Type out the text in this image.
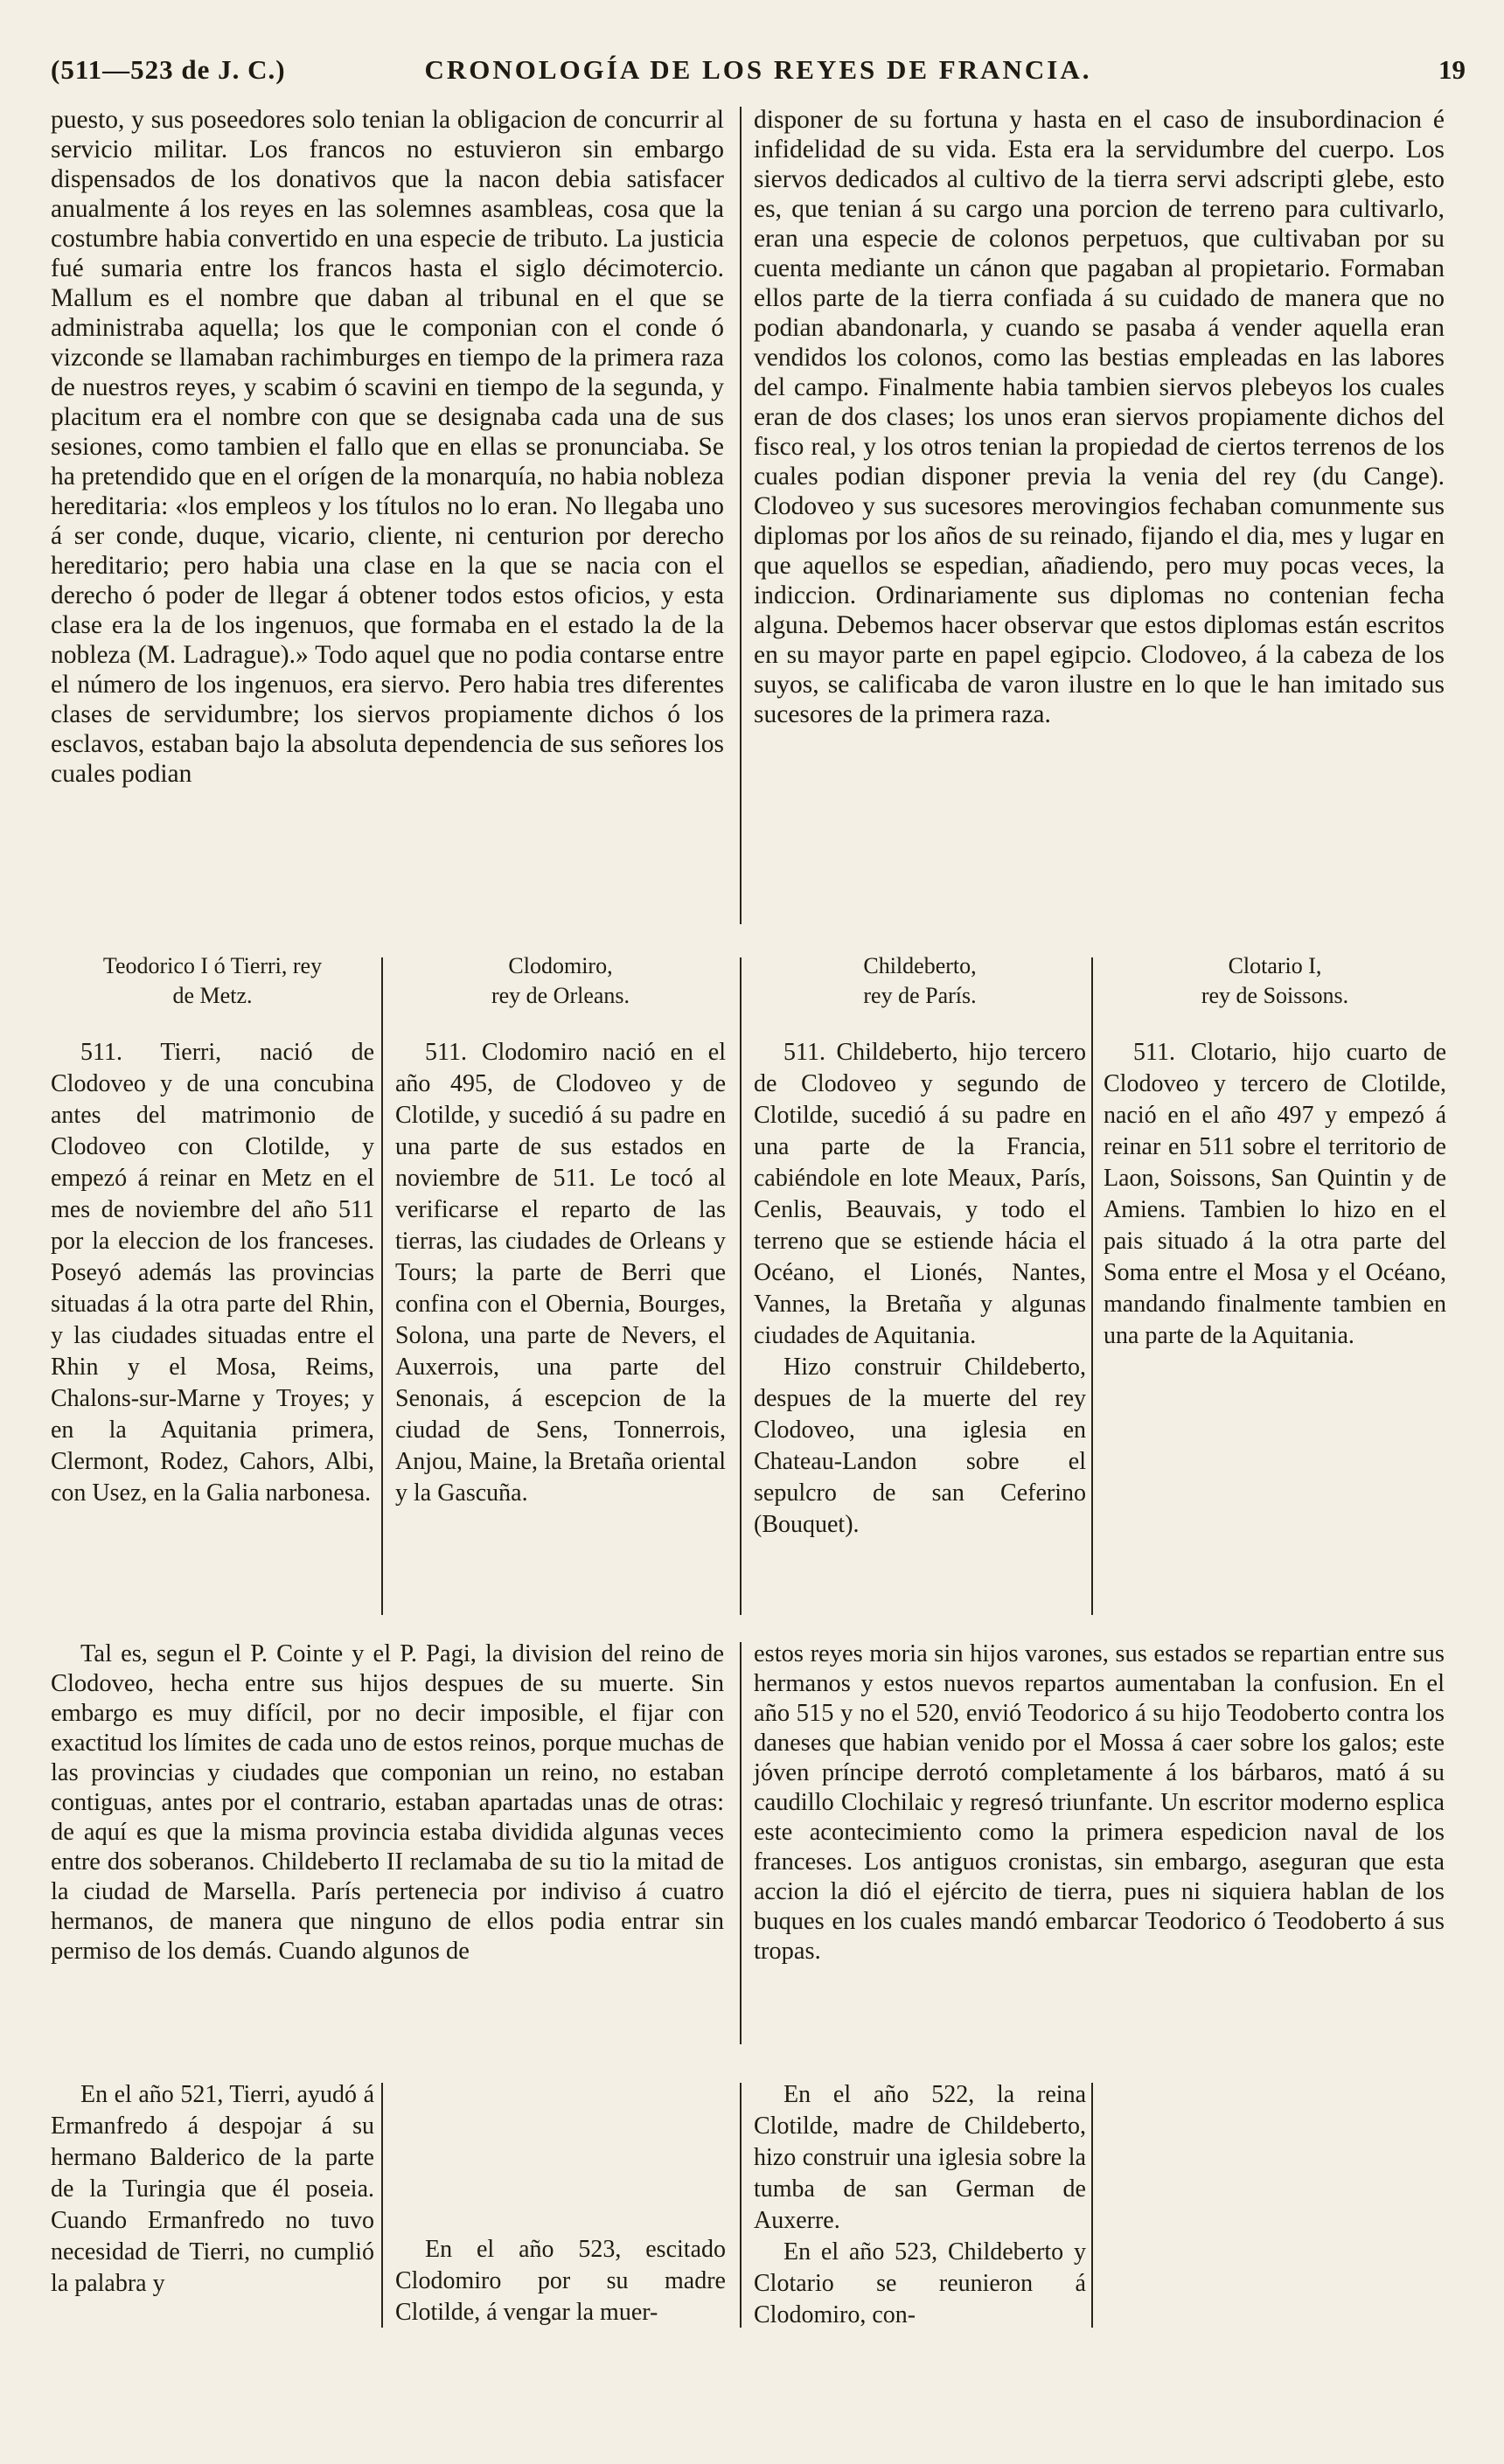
(511—523 de J. C.)	CRONOLOGÍA DE LOS REYES DE FRANCIA.	19

puesto, y sus poseedores solo tenian la obligacion de concurrir al servicio militar. Los francos no estuvieron sin embargo dispensados de los donativos que la nacon debia satisfacer anualmente á los reyes en las solemnes asambleas, cosa que la costumbre habia convertido en una especie de tributo. La justicia fué sumaria entre los francos hasta el siglo décimotercio. Mallum es el nombre que daban al tribunal en el que se administraba aquella; los que le componian con el conde ó vizconde se llamaban rachimburges en tiempo de la primera raza de nuestros reyes, y scabim ó scavini en tiempo de la segunda, y placitum era el nombre con que se designaba cada una de sus sesiones, como tambien el fallo que en ellas se pronunciaba. Se ha pretendido que en el orígen de la monarquía, no habia nobleza hereditaria: «los empleos y los títulos no lo eran. No llegaba uno á ser conde, duque, vicario, cliente, ni centurion por derecho hereditario; pero habia una clase en la que se nacia con el derecho ó poder de llegar á obtener todos estos oficios, y esta clase era la de los ingenuos, que formaba en el estado la de la nobleza (M. Ladrague).» Todo aquel que no podia contarse entre el número de los ingenuos, era siervo. Pero habia tres diferentes clases de servidumbre; los siervos propiamente dichos ó los esclavos, estaban bajo la absoluta dependencia de sus señores los cuales podian

disponer de su fortuna y hasta en el caso de insubordinacion é infidelidad de su vida. Esta era la servidumbre del cuerpo. Los siervos dedicados al cultivo de la tierra servi adscripti glebe, esto es, que tenian á su cargo una porcion de terreno para cultivarlo, eran una especie de colonos perpetuos, que cultivaban por su cuenta mediante un cánon que pagaban al propietario. Formaban ellos parte de la tierra confiada á su cuidado de manera que no podian abandonarla, y cuando se pasaba á vender aquella eran vendidos los colonos, como las bestias empleadas en las labores del campo. Finalmente habia tambien siervos plebeyos los cuales eran de dos clases; los unos eran siervos propiamente dichos del fisco real, y los otros tenian la propiedad de ciertos terrenos de los cuales podian disponer previa la venia del rey (du Cange). Clodoveo y sus sucesores merovingios fechaban comunmente sus diplomas por los años de su reinado, fijando el dia, mes y lugar en que aquellos se espedian, añadiendo, pero muy pocas veces, la indiccion. Ordinariamente sus diplomas no contenian fecha alguna. Debemos hacer observar que estos diplomas están escritos en su mayor parte en papel egipcio. Clodoveo, á la cabeza de los suyos, se calificaba de varon ilustre en lo que le han imitado sus sucesores de la primera raza.

Teodorico I ó Tierri, rey
de Metz.

511. Tierri, nació de Clodoveo y de una concubina antes del matrimonio de Clodoveo con Clotilde, y empezó á reinar en Metz en el mes de noviembre del año 511 por la eleccion de los franceses. Poseyó además las provincias situadas á la otra parte del Rhin, y las ciudades situadas entre el Rhin y el Mosa, Reims, Chalons-sur-Marne y Troyes; y en la Aquitania primera, Clermont, Rodez, Cahors, Albi, con Usez, en la Galia narbonesa.

Clodomiro,
rey de Orleans.

511. Clodomiro nació en el año 495, de Clodoveo y de Clotilde, y sucedió á su padre en una parte de sus estados en noviembre de 511. Le tocó al verificarse el reparto de las tierras, las ciudades de Orleans y Tours; la parte de Berri que confina con el Obernia, Bourges, Solona, una parte de Nevers, el Auxerrois, una parte del Senonais, á escepcion de la ciudad de Sens, Tonnerrois, Anjou, Maine, la Bretaña oriental y la Gascuña.

Childeberto,
rey de París.

511. Childeberto, hijo tercero de Clodoveo y segundo de Clotilde, sucedió á su padre en una parte de la Francia, cabiéndole en lote Meaux, París, Cenlis, Beauvais, y todo el terreno que se estiende hácia el Océano, el Lionés, Nantes, Vannes, la Bretaña y algunas ciudades de Aquitania.

Hizo construir Childeberto, despues de la muerte del rey Clodoveo, una iglesia en Chateau-Landon sobre el sepulcro de san Ceferino (Bouquet).

Clotario I,
rey de Soissons.

511. Clotario, hijo cuarto de Clodoveo y tercero de Clotilde, nació en el año 497 y empezó á reinar en 511 sobre el territorio de Laon, Soissons, San Quintin y de Amiens. Tambien lo hizo en el pais situado á la otra parte del Soma entre el Mosa y el Océano, mandando finalmente tambien en una parte de la Aquitania.

Tal es, segun el P. Cointe y el P. Pagi, la division del reino de Clodoveo, hecha entre sus hijos despues de su muerte. Sin embargo es muy difícil, por no decir imposible, el fijar con exactitud los límites de cada uno de estos reinos, porque muchas de las provincias y ciudades que componian un reino, no estaban contiguas, antes por el contrario, estaban apartadas unas de otras: de aquí es que la misma provincia estaba dividida algunas veces entre dos soberanos. Childeberto II reclamaba de su tio la mitad de la ciudad de Marsella. París pertenecia por indiviso á cuatro hermanos, de manera que ninguno de ellos podia entrar sin permiso de los demás. Cuando algunos de

estos reyes moria sin hijos varones, sus estados se repartian entre sus hermanos y estos nuevos repartos aumentaban la confusion. En el año 515 y no el 520, envió Teodorico á su hijo Teodoberto contra los daneses que habian venido por el Mossa á caer sobre los galos; este jóven príncipe derrotó completamente á los bárbaros, mató á su caudillo Clochilaic y regresó triunfante. Un escritor moderno esplica este acontecimiento como la primera espedicion naval de los franceses. Los antiguos cronistas, sin embargo, aseguran que esta accion la dió el ejército de tierra, pues ni siquiera hablan de los buques en los cuales mandó embarcar Teodorico ó Teodoberto á sus tropas.

En el año 521, Tierri, ayudó á Ermanfredo á despojar á su hermano Balderico de la parte de la Turingia que él poseia. Cuando Ermanfredo no tuvo necesidad de Tierri, no cumplió la palabra y

En el año 523, escitado Clodomiro por su madre Clotilde, á vengar la muer-

En el año 522, la reina Clotilde, madre de Childeberto, hizo construir una iglesia sobre la tumba de san German de Auxerre.

En el año 523, Childeberto y Clotario se reunieron á Clodomiro, con-
